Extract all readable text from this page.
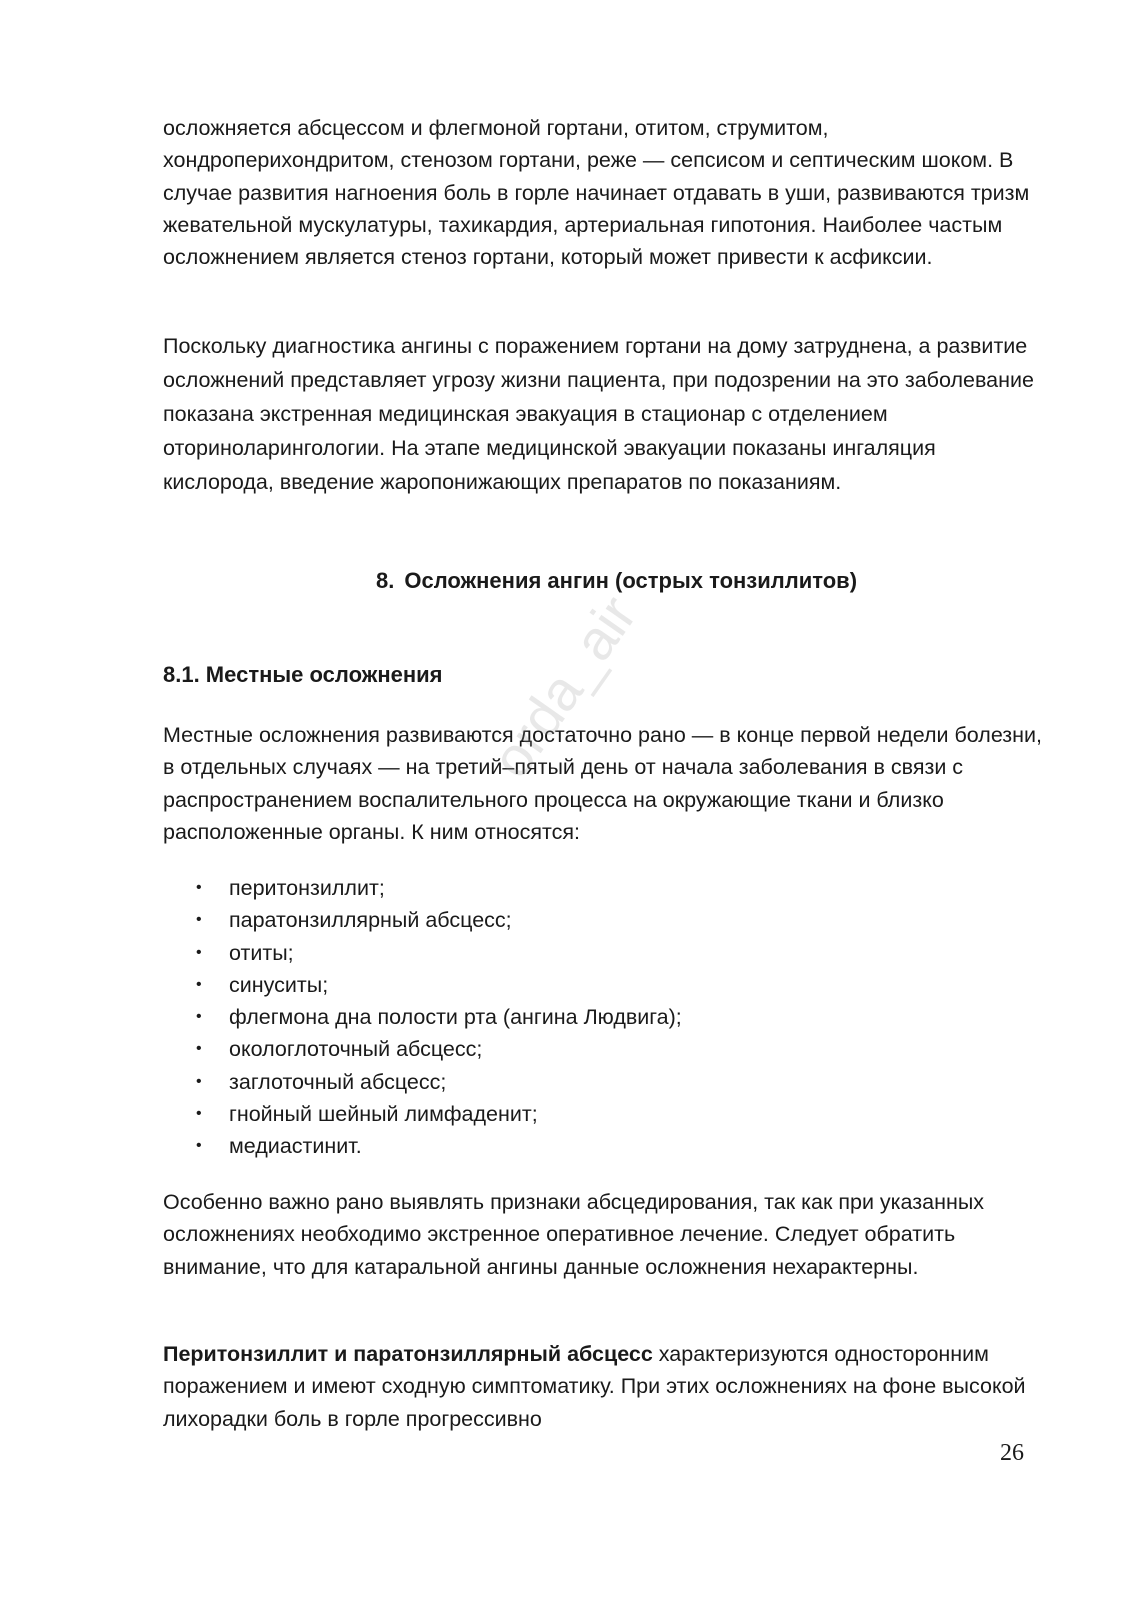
осложняется абсцессом и флегмоной гортани, отитом, струмитом, хондроперихондритом, стенозом гортани, реже — сепсисом и септическим шоком. В случае развития нагноения боль в горле начинает отдавать в уши, развиваются тризм жевательной мускулатуры, тахикардия, артериальная гипотония. Наиболее частым осложнением является стеноз гортани, который может привести к асфиксии.

Поскольку диагностика ангины с поражением гортани на дому затруднена, а развитие осложнений представляет угрозу жизни пациента, при подозрении на это заболевание показана экстренная медицинская эвакуация в стационар с отделением оториноларингологии. На этапе медицинской эвакуации показаны ингаляция кислорода, введение жаропонижающих препаратов по показаниям.

8. Осложнения ангин (острых тонзиллитов)
8.1. Местные осложнения

Местные осложнения развиваются достаточно рано — в конце первой недели болезни, в отдельных случаях — на третий–пятый день от начала заболевания в связи с распространением воспалительного процесса на окружающие ткани и близко расположенные органы. К ним относятся:

• перитонзиллит;
• паратонзиллярный абсцесс;
• отиты;
• синуситы;
• флегмона дна полости рта (ангина Людвига);
• окологлоточный абсцесс;
• заглоточный абсцесс;
• гнойный шейный лимфаденит;
• медиастинит.

Особенно важно рано выявлять признаки абсцедирования, так как при указанных осложнениях необходимо экстренное оперативное лечение. Следует обратить внимание, что для катаральной ангины данные осложнения нехарактерны.

Перитонзиллит и паратонзиллярный абсцесс характеризуются односторонним поражением и имеют сходную симптоматику. При этих осложнениях на фоне высокой лихорадки боль в горле прогрессивно

26
orda_air
